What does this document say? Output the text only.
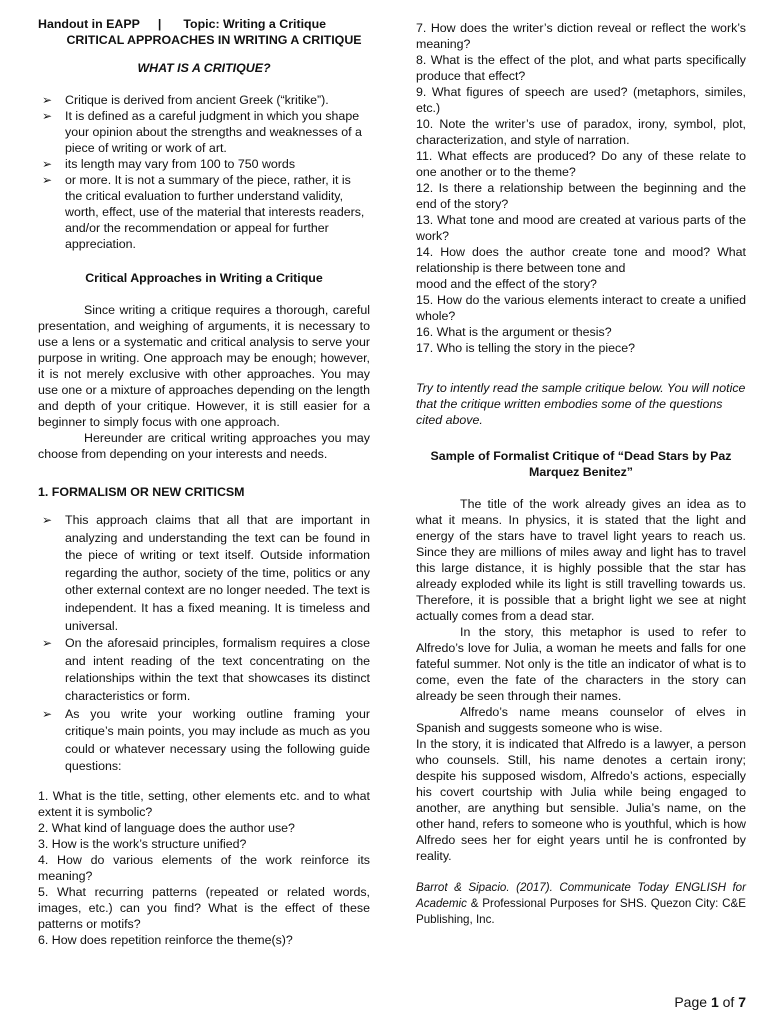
Handout in EAPP | Topic: Writing a Critique
CRITICAL APPROACHES IN WRITING A CRITIQUE
WHAT IS A CRITIQUE?
➢ Critique is derived from ancient Greek (“kritike”).
➢ It is defined as a careful judgment in which you shape your opinion about the strengths and weaknesses of a piece of writing or work of art.
➢ its length may vary from 100 to 750 words
➢ or more. It is not a summary of the piece, rather, it is the critical evaluation to further understand validity, worth, effect, use of the material that interests readers, and/or the recommendation or appeal for further appreciation.
Critical Approaches in Writing a Critique

Since writing a critique requires a thorough, careful presentation, and weighing of arguments, it is necessary to use a lens or a systematic and critical analysis to serve your purpose in writing. One approach may be enough; however, it is not merely exclusive with other approaches. You may use one or a mixture of approaches depending on the length and depth of your critique. However, it is still easier for a beginner to simply focus with one approach.

Hereunder are critical writing approaches you may choose from depending on your interests and needs.

1. FORMALISM OR NEW CRITICSM
➢ This approach claims that all that are important in analyzing and understanding the text can be found in the piece of writing or text itself. Outside information regarding the author, society of the time, politics or any other external context are no longer needed. The text is independent. It has a fixed meaning. It is timeless and universal.
➢ On the aforesaid principles, formalism requires a close and intent reading of the text concentrating on the relationships within the text that showcases its distinct characteristics or form.
➢ As you write your working outline framing your critique’s main points, you may include as much as you could or whatever necessary using the following guide questions:
1. What is the title, setting, other elements etc. and to what extent it is symbolic?
2. What kind of language does the author use?
3. How is the work’s structure unified?
4. How do various elements of the work reinforce its meaning?
5. What recurring patterns (repeated or related words, images, etc.) can you find? What is the effect of these patterns or motifs?
6. How does repetition reinforce the theme(s)?
7. How does the writer’s diction reveal or reflect the work’s meaning?
8. What is the effect of the plot, and what parts specifically produce that effect?
9. What figures of speech are used? (metaphors, similes, etc.)
10. Note the writer’s use of paradox, irony, symbol, plot, characterization, and style of narration.
11. What effects are produced? Do any of these relate to one another or to the theme?
12. Is there a relationship between the beginning and the end of the story?
13. What tone and mood are created at various parts of the work?
14. How does the author create tone and mood? What relationship is there between tone and
mood and the effect of the story?
15. How do the various elements interact to create a unified whole?
16. What is the argument or thesis?
17. Who is telling the story in the piece?
Try to intently read the sample critique below. You will notice that the critique written embodies some of the questions cited above.
Sample of Formalist Critique of “Dead Stars by Paz Marquez Benitez”

The title of the work already gives an idea as to what it means. In physics, it is stated that the light and energy of the stars have to travel light years to reach us. Since they are millions of miles away and light has to travel this large distance, it is highly possible that the star has already exploded while its light is still travelling towards us. Therefore, it is possible that a bright light we see at night actually comes from a dead star.

In the story, this metaphor is used to refer to Alfredo’s love for Julia, a woman he meets and falls for one fateful summer. Not only is the title an indicator of what is to come, even the fate of the characters in the story can already be seen through their names.

Alfredo’s name means counselor of elves in Spanish and suggests someone who is wise.

In the story, it is indicated that Alfredo is a lawyer, a person who counsels. Still, his name denotes a certain irony; despite his supposed wisdom, Alfredo’s actions, especially his covert courtship with Julia while being engaged to another, are anything but sensible. Julia’s name, on the other hand, refers to someone who is youthful, which is how Alfredo sees her for eight years until he is confronted by reality.

Barrot & Sipacio. (2017). Communicate Today ENGLISH for Academic & Professional Purposes for SHS. Quezon City: C&E Publishing, Inc.
Page 1 of 7
